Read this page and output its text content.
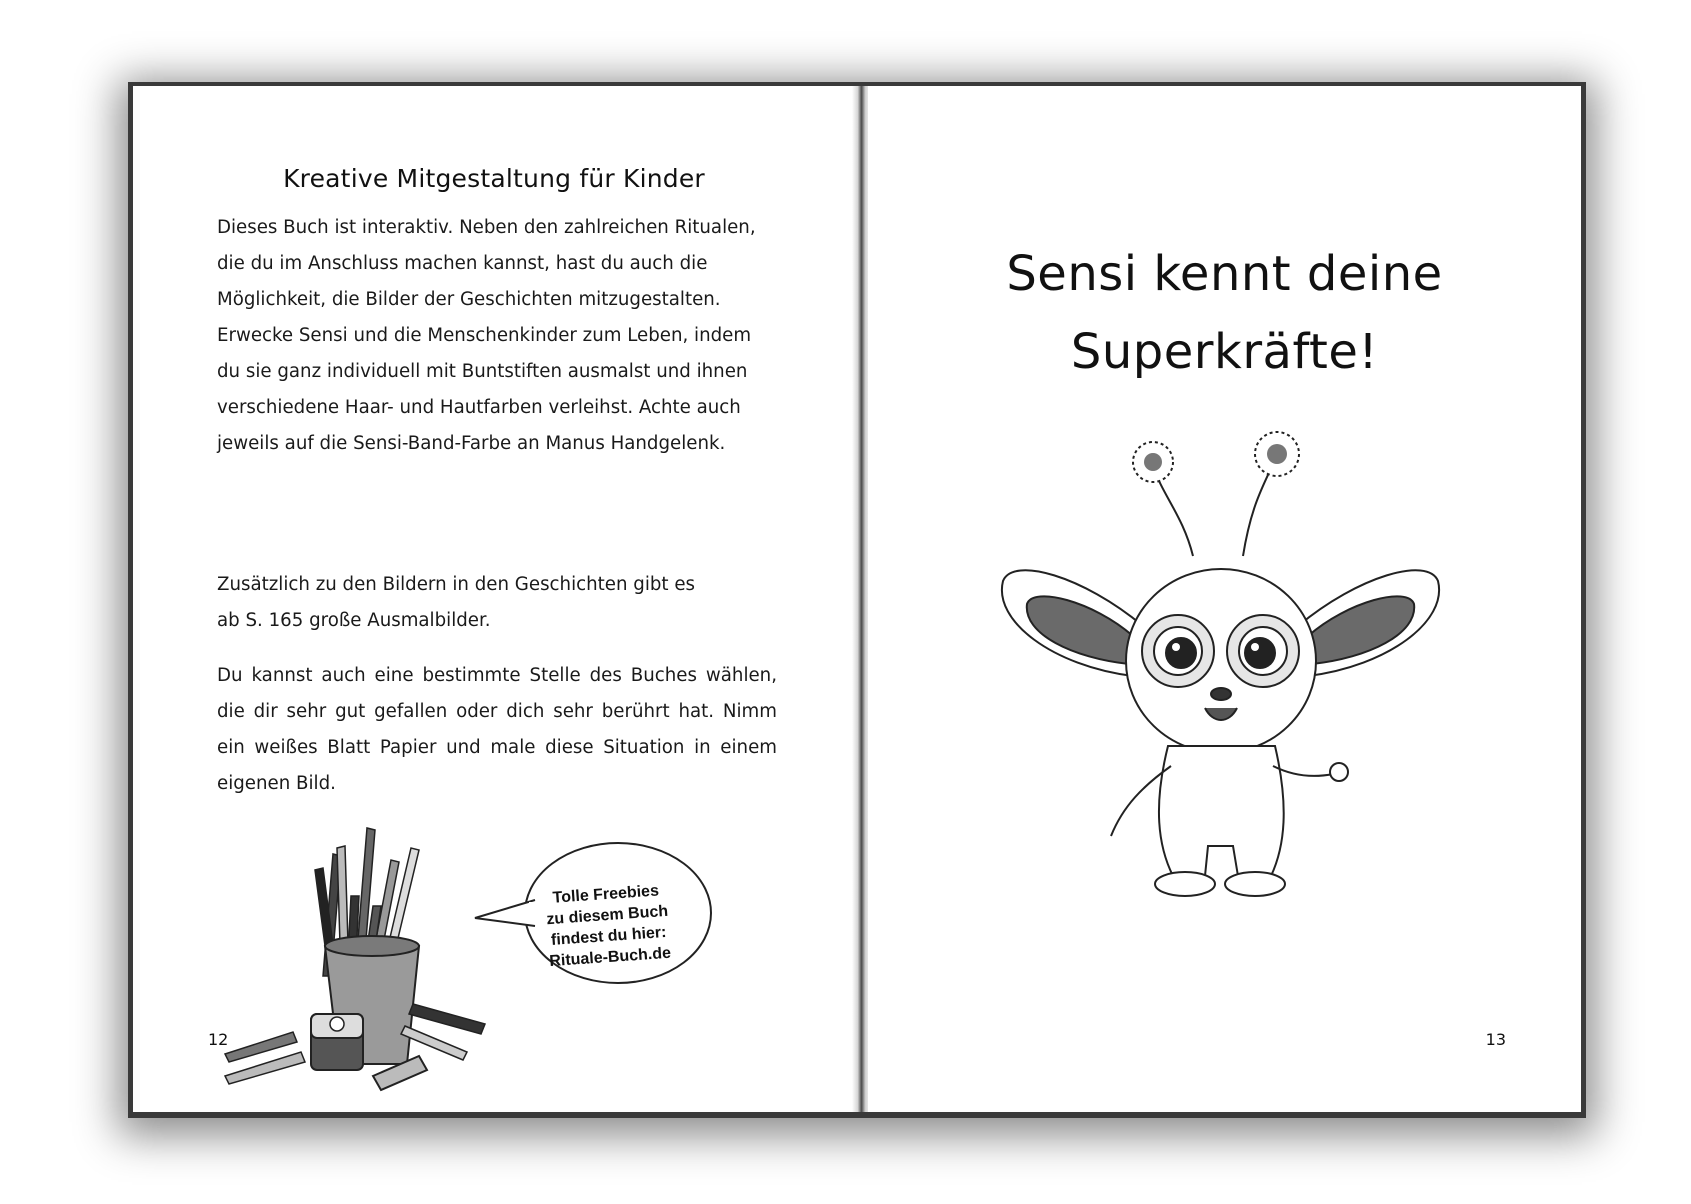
Kreative Mitgestaltung für Kinder

Dieses Buch ist interaktiv. Neben den zahlreichen Ritualen,
die du im Anschluss machen kannst, hast du auch die
Möglichkeit, die Bilder der Geschichten mitzugestalten.
Erwecke Sensi und die Menschenkinder zum Leben, indem
du sie ganz individuell mit Buntstiften ausmalst und ihnen
verschiedene Haar- und Hautfarben verleihst. Achte auch
jeweils auf die Sensi-Band-Farbe an Manus Handgelenk.

Zusätzlich zu den Bildern in den Geschichten gibt es
ab S. 165 große Ausmalbilder.

Du kannst auch eine bestimmte Stelle des Buches wählen,
die dir sehr gut gefallen oder dich sehr berührt hat. Nimm
ein weißes Blatt Papier und male diese Situation in einem
eigenen Bild.

Tolle Freebies
zu diesem Buch
findest du hier:
Rituale-Buch.de
12
Sensi kennt deine
Superkräfte!
13
